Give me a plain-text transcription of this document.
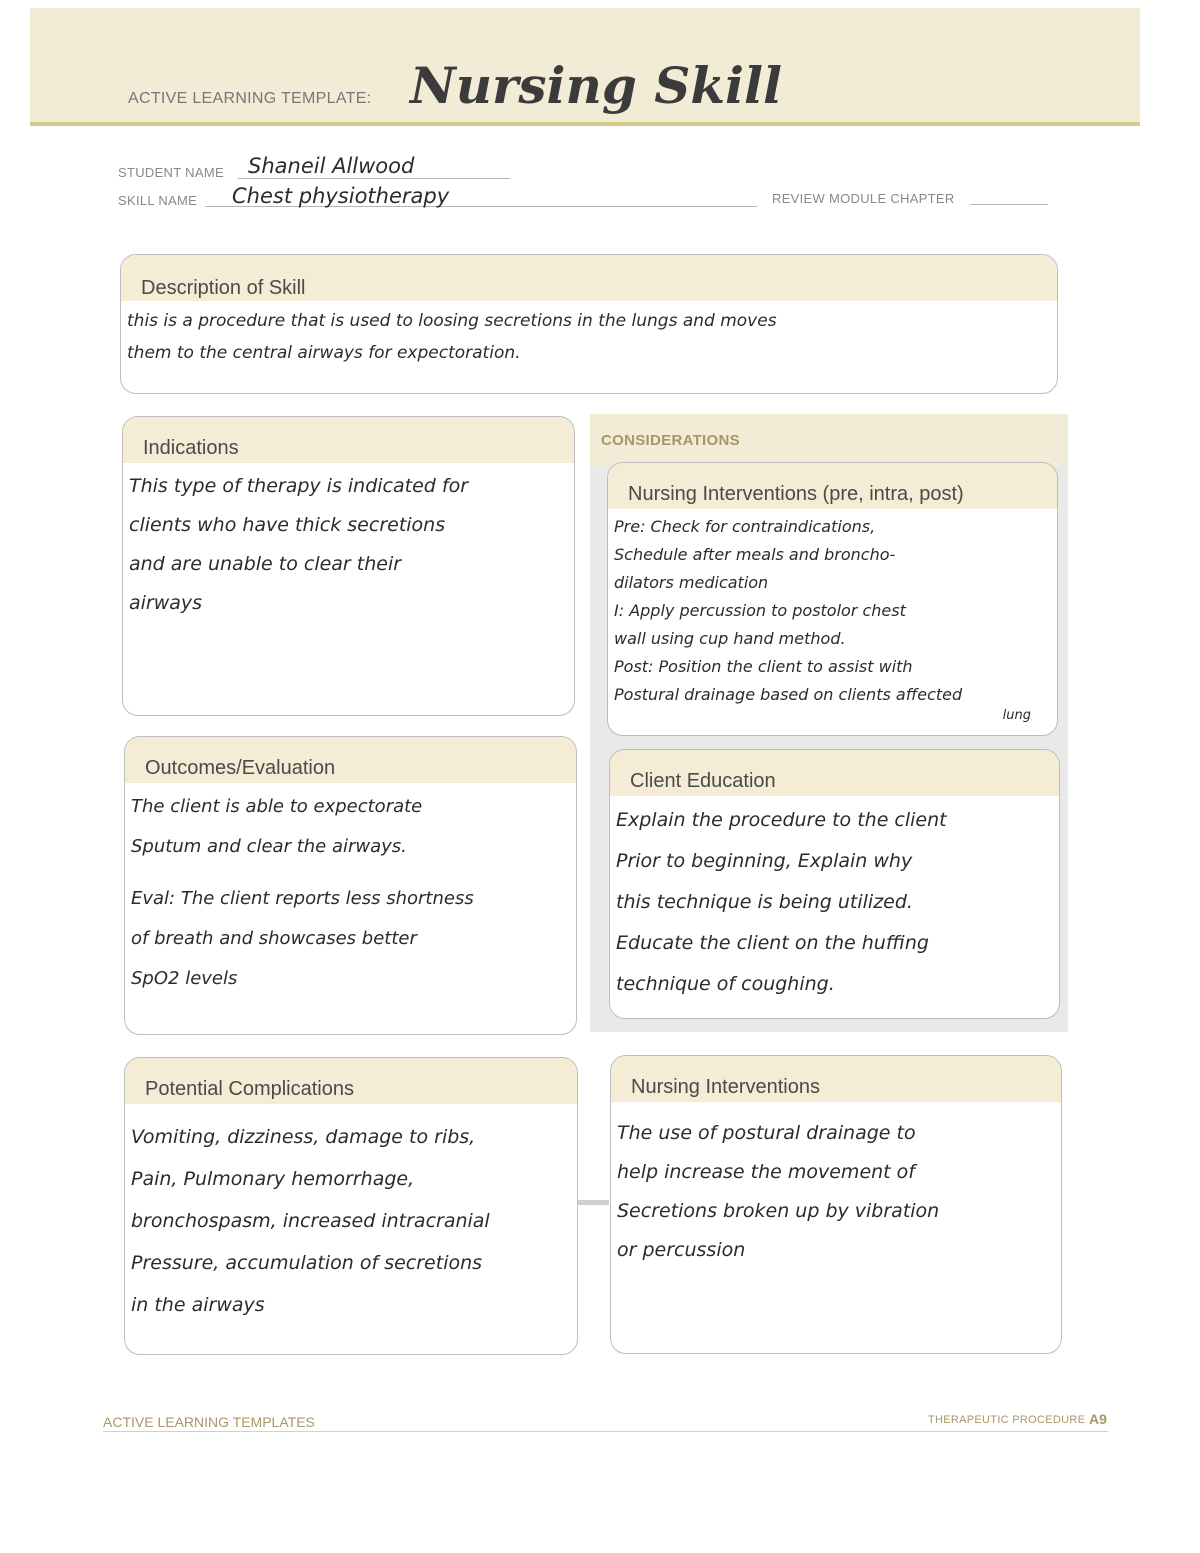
ACTIVE LEARNING TEMPLATE: Nursing Skill
STUDENT NAME Shaneil Allwood
SKILL NAME Chest physiotherapy	REVIEW MODULE CHAPTER
Description of Skill
this is a procedure that is used to loosing secretions in the lungs and moves
them to the central airways for expectoration.
Indications
This type of therapy is indicated for
clients who have thick secretions
and are unable to clear their
airways
CONSIDERATIONS
Nursing Interventions (pre, intra, post)
Pre: Check for contraindications,
Schedule after meals and broncho-
dilators medication
I: Apply percussion to postolor chest
wall using cup hand method.
Post: Position the client to assist with
Postural drainage based on clients affected
lung
Outcomes/Evaluation
The client is able to expectorate
Sputum and clear the airways.
Eval: The client reports less shortness
of breath and showcases better
SpO2 levels
Client Education
Explain the procedure to the client
Prior to beginning, Explain why
this technique is being utilized.
Educate the client on the huffing
technique of coughing.
Potential Complications
Vomiting, dizziness, damage to ribs,
Pain, Pulmonary hemorrhage,
bronchospasm, increased intracranial
Pressure, accumulation of secretions
in the airways
Nursing Interventions
The use of postural drainage to
help increase the movement of
Secretions broken up by vibration
or percussion
ACTIVE LEARNING TEMPLATES	THERAPEUTIC PROCEDURE A9
